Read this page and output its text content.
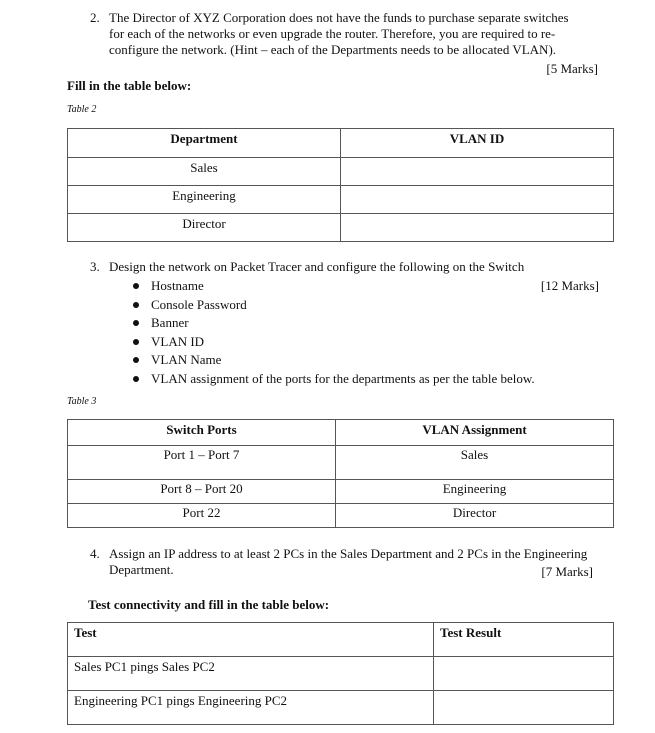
2. The Director of XYZ Corporation does not have the funds to purchase separate switches
for each of the networks or even upgrade the router. Therefore, you are required to re-
configure the network. (Hint – each of the Departments needs to be allocated VLAN).
[5 Marks]
Fill in the table below:
Table 2
Department	VLAN ID
Sales	
Engineering	
Director	
3. Design the network on Packet Tracer and configure the following on the Switch
[12 Marks]
Hostname
Console Password
Banner
VLAN ID
VLAN Name
VLAN assignment of the ports for the departments as per the table below.
Table 3
Switch Ports	VLAN Assignment
Port 1 – Port 7	Sales
Port 8 – Port 20	Engineering
Port 22	Director
4. Assign an IP address to at least 2 PCs in the Sales Department and 2 PCs in the Engineering
Department.	[7 Marks]
Test connectivity and fill in the table below:
Test	Test Result
Sales PC1 pings Sales PC2	
Engineering PC1 pings Engineering PC2	
